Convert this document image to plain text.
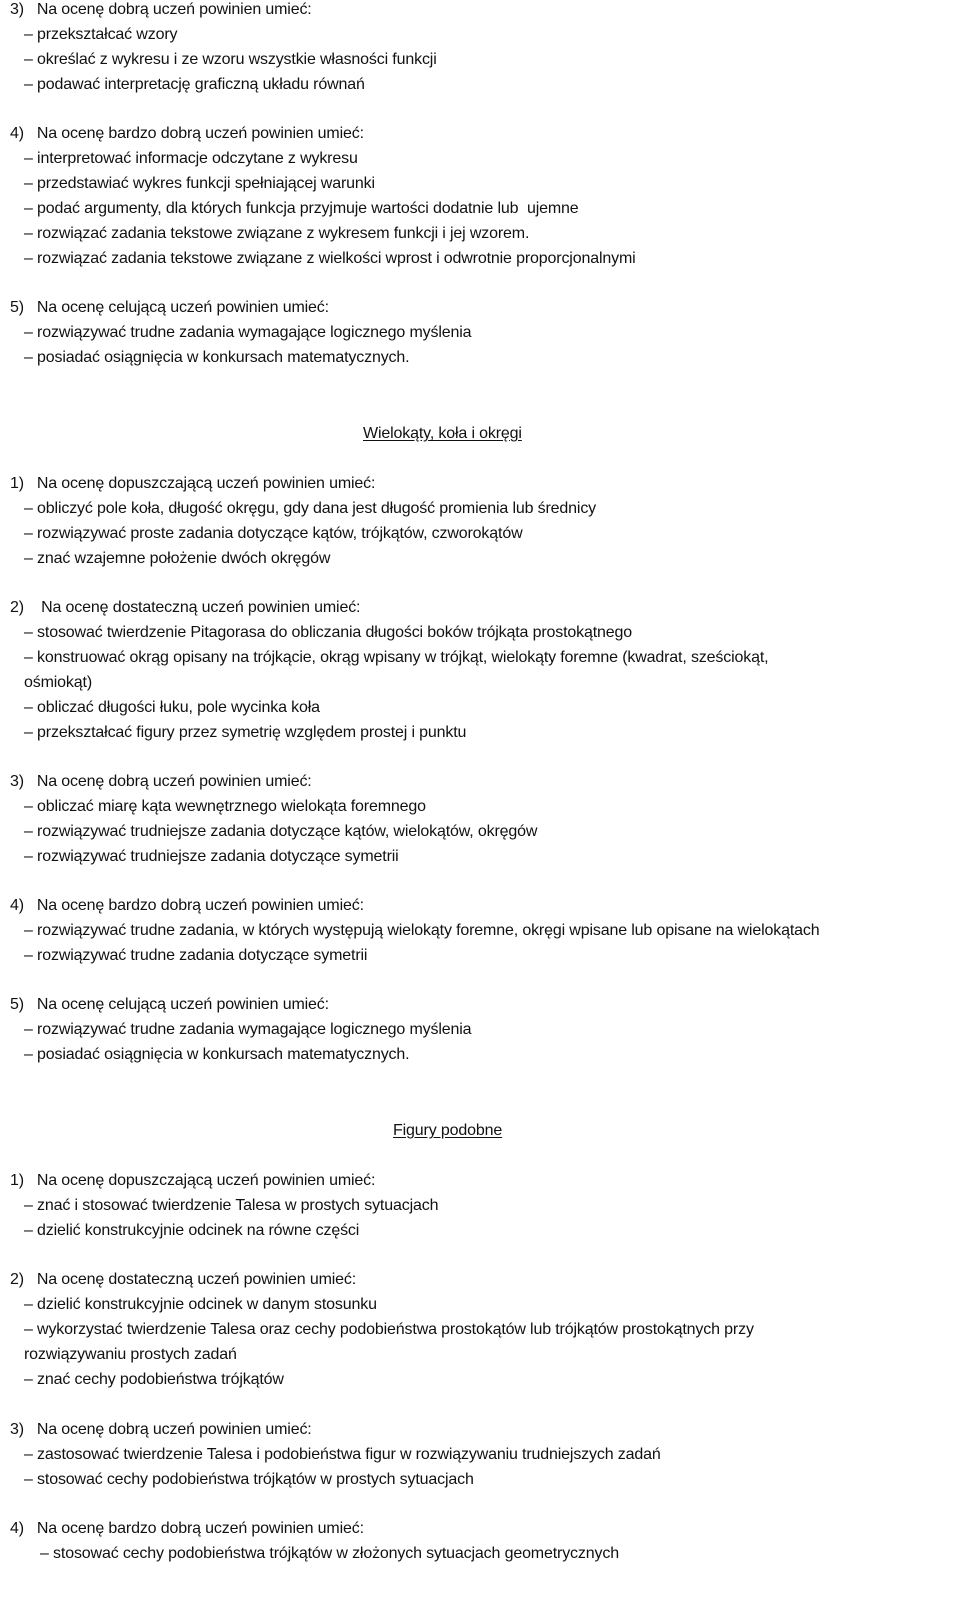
3)   Na ocenę dobrą uczeń powinien umieć:
– przekształcać wzory
– określać z wykresu i ze wzoru wszystkie własności funkcji
– podawać interpretację graficzną układu równań
4)   Na ocenę bardzo dobrą uczeń powinien umieć:
– interpretować informacje odczytane z wykresu
– przedstawiać wykres funkcji spełniającej warunki
– podać argumenty, dla których funkcja przyjmuje wartości dodatnie lub  ujemne
– rozwiązać zadania tekstowe związane z wykresem funkcji i jej wzorem.
– rozwiązać zadania tekstowe związane z wielkości wprost i odwrotnie proporcjonalnymi
5)   Na ocenę celującą uczeń powinien umieć:
– rozwiązywać trudne zadania wymagające logicznego myślenia
– posiadać osiągnięcia w konkursach matematycznych.
Wielokąty, koła i okręgi
1)   Na ocenę dopuszczającą uczeń powinien umieć:
– obliczyć pole koła, długość okręgu, gdy dana jest długość promienia lub średnicy
– rozwiązywać proste zadania dotyczące kątów, trójkątów, czworokątów
– znać wzajemne położenie dwóch okręgów
2)    Na ocenę dostateczną uczeń powinien umieć:
– stosować twierdzenie Pitagorasa do obliczania długości boków trójkąta prostokątnego
– konstruować okrąg opisany na trójkącie, okrąg wpisany w trójkąt, wielokąty foremne (kwadrat, sześciokąt,
ośmiokąt)
– obliczać długości łuku, pole wycinka koła
– przekształcać figury przez symetrię względem prostej i punktu
3)   Na ocenę dobrą uczeń powinien umieć:
– obliczać miarę kąta wewnętrznego wielokąta foremnego
– rozwiązywać trudniejsze zadania dotyczące kątów, wielokątów, okręgów
– rozwiązywać trudniejsze zadania dotyczące symetrii
4)   Na ocenę bardzo dobrą uczeń powinien umieć:
– rozwiązywać trudne zadania, w których występują wielokąty foremne, okręgi wpisane lub opisane na wielokątach
– rozwiązywać trudne zadania dotyczące symetrii
5)   Na ocenę celującą uczeń powinien umieć:
– rozwiązywać trudne zadania wymagające logicznego myślenia
– posiadać osiągnięcia w konkursach matematycznych.
Figury podobne
1)   Na ocenę dopuszczającą uczeń powinien umieć:
– znać i stosować twierdzenie Talesa w prostych sytuacjach
– dzielić konstrukcyjnie odcinek na równe części
2)   Na ocenę dostateczną uczeń powinien umieć:
– dzielić konstrukcyjnie odcinek w danym stosunku
– wykorzystać twierdzenie Talesa oraz cechy podobieństwa prostokątów lub trójkątów prostokątnych przy
rozwiązywaniu prostych zadań
– znać cechy podobieństwa trójkątów
3)   Na ocenę dobrą uczeń powinien umieć:
– zastosować twierdzenie Talesa i podobieństwa figur w rozwiązywaniu trudniejszych zadań
– stosować cechy podobieństwa trójkątów w prostych sytuacjach
4)   Na ocenę bardzo dobrą uczeń powinien umieć:
– stosować cechy podobieństwa trójkątów w złożonych sytuacjach geometrycznych
